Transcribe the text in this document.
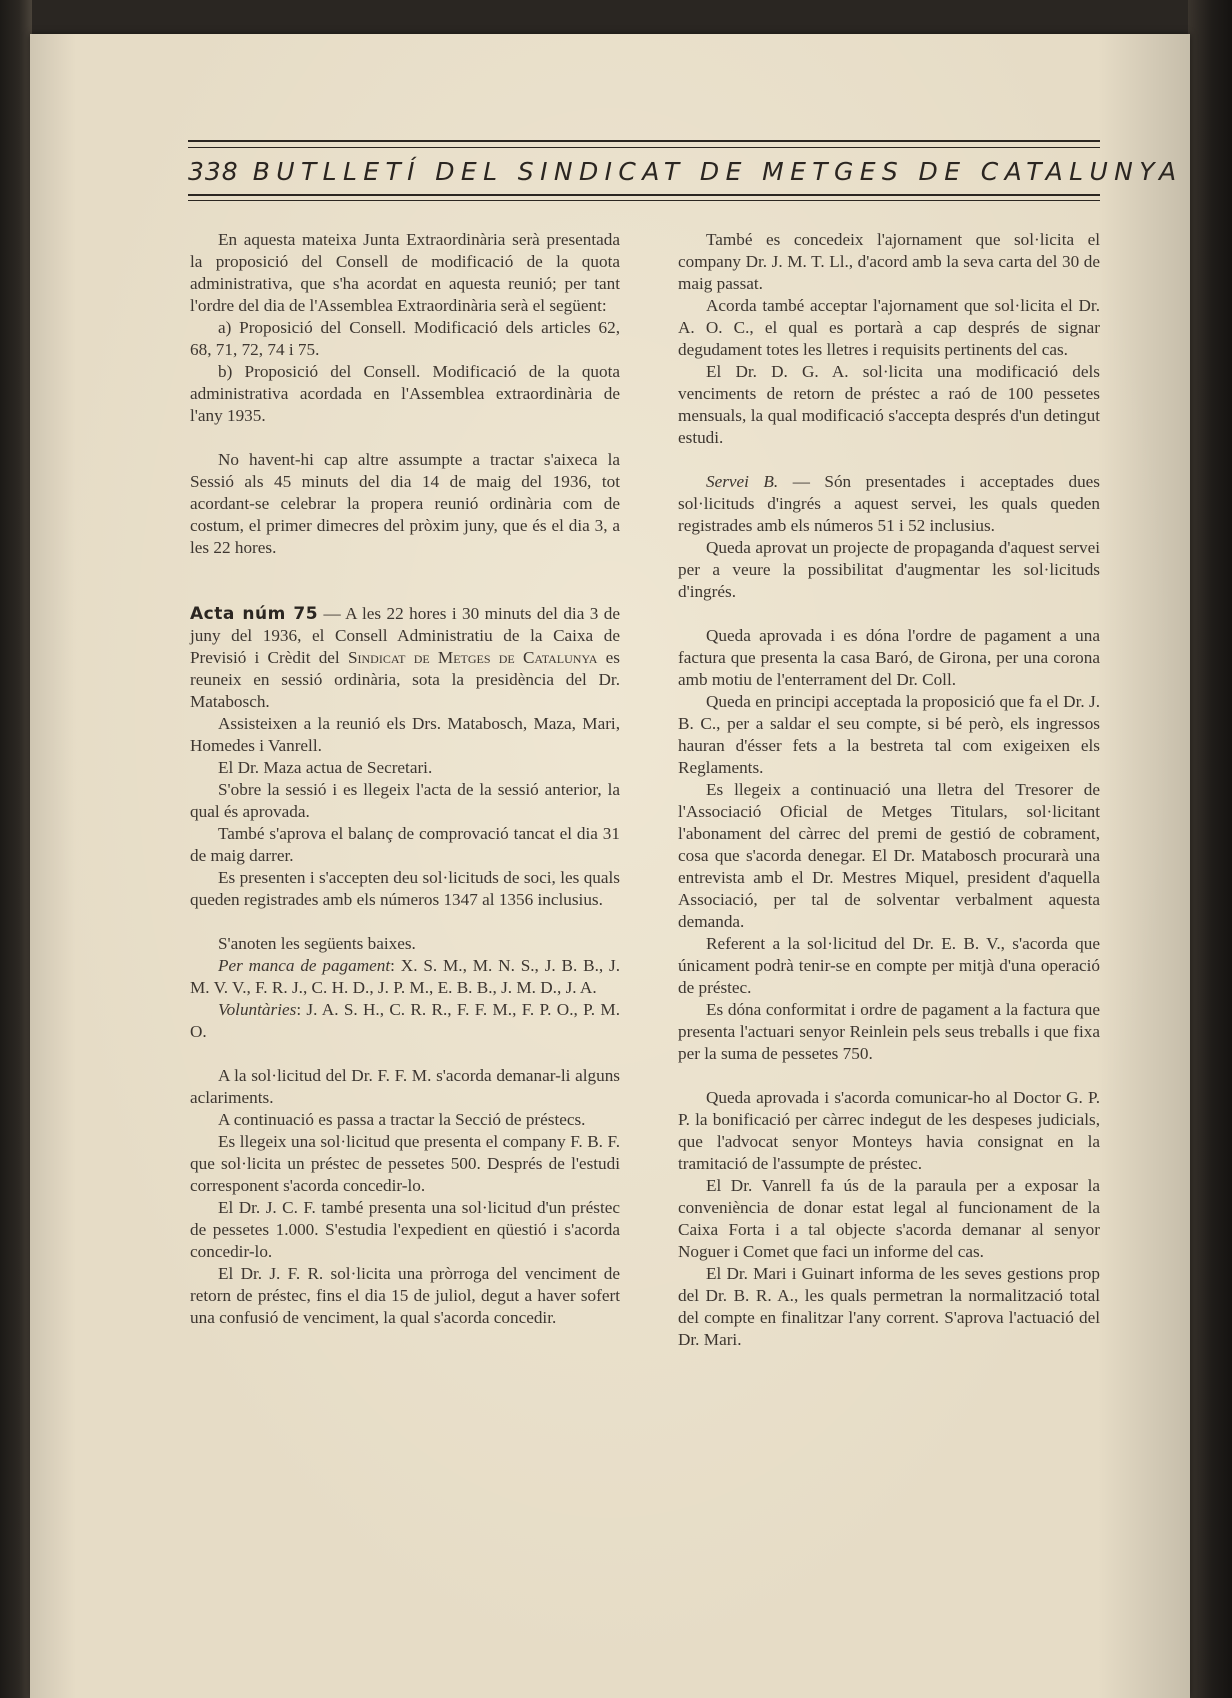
338 BUTLLETÍ DEL SINDICAT DE METGES DE CATALUNYA

En aquesta mateixa Junta Extraordinària serà presentada la proposició del Consell de modificació de la quota administrativa, que s'ha acordat en aquesta reunió; per tant l'ordre del dia de l'Assemblea Extraordinària serà el següent:

a) Proposició del Consell. Modificació dels articles 62, 68, 71, 72, 74 i 75.

b) Proposició del Consell. Modificació de la quota administrativa acordada en l'Assemblea extraordinària de l'any 1935.

No havent-hi cap altre assumpte a tractar s'aixeca la Sessió als 45 minuts del dia 14 de maig del 1936, tot acordant-se celebrar la propera reunió ordinària com de costum, el primer dimecres del pròxim juny, que és el dia 3, a les 22 hores.

Acta núm 75 — A les 22 hores i 30 minuts del dia 3 de juny del 1936, el Consell Administratiu de la Caixa de Previsió i Crèdit del Sindicat de Metges de Catalunya es reuneix en sessió ordinària, sota la presidència del Dr. Matabosch.

Assisteixen a la reunió els Drs. Matabosch, Maza, Mari, Homedes i Vanrell.

El Dr. Maza actua de Secretari.

S'obre la sessió i es llegeix l'acta de la sessió anterior, la qual és aprovada.

També s'aprova el balanç de comprovació tancat el dia 31 de maig darrer.

Es presenten i s'accepten deu sol·licituds de soci, les quals queden registrades amb els números 1347 al 1356 inclusius.

S'anoten les següents baixes.

Per manca de pagament: X. S. M., M. N. S., J. B. B., J. M. V. V., F. R. J., C. H. D., J. P. M., E. B. B., J. M. D., J. A.

Voluntàries: J. A. S. H., C. R. R., F. F. M., F. P. O., P. M. O.

A la sol·licitud del Dr. F. F. M. s'acorda demanar-li alguns aclariments.

A continuació es passa a tractar la Secció de préstecs.

Es llegeix una sol·licitud que presenta el company F. B. F. que sol·licita un préstec de pessetes 500. Després de l'estudi corresponent s'acorda concedir-lo.

El Dr. J. C. F. també presenta una sol·licitud d'un préstec de pessetes 1.000. S'estudia l'expedient en qüestió i s'acorda concedir-lo.

El Dr. J. F. R. sol·licita una pròrroga del venciment de retorn de préstec, fins el dia 15 de juliol, degut a haver sofert una confusió de venciment, la qual s'acorda concedir.

També es concedeix l'ajornament que sol·licita el company Dr. J. M. T. Ll., d'acord amb la seva carta del 30 de maig passat.

Acorda també acceptar l'ajornament que sol·licita el Dr. A. O. C., el qual es portarà a cap després de signar degudament totes les lletres i requisits pertinents del cas.

El Dr. D. G. A. sol·licita una modificació dels venciments de retorn de préstec a raó de 100 pessetes mensuals, la qual modificació s'accepta després d'un detingut estudi.

Servei B. — Són presentades i acceptades dues sol·licituds d'ingrés a aquest servei, les quals queden registrades amb els números 51 i 52 inclusius.

Queda aprovat un projecte de propaganda d'aquest servei per a veure la possibilitat d'augmentar les sol·licituds d'ingrés.

Queda aprovada i es dóna l'ordre de pagament a una factura que presenta la casa Baró, de Girona, per una corona amb motiu de l'enterrament del Dr. Coll.

Queda en principi acceptada la proposició que fa el Dr. J. B. C., per a saldar el seu compte, si bé però, els ingressos hauran d'ésser fets a la bestreta tal com exigeixen els Reglaments.

Es llegeix a continuació una lletra del Tresorer de l'Associació Oficial de Metges Titulars, sol·licitant l'abonament del càrrec del premi de gestió de cobrament, cosa que s'acorda denegar. El Dr. Matabosch procurarà una entrevista amb el Dr. Mestres Miquel, president d'aquella Associació, per tal de solventar verbalment aquesta demanda.

Referent a la sol·licitud del Dr. E. B. V., s'acorda que únicament podrà tenir-se en compte per mitjà d'una operació de préstec.

Es dóna conformitat i ordre de pagament a la factura que presenta l'actuari senyor Reinlein pels seus treballs i que fixa per la suma de pessetes 750.

Queda aprovada i s'acorda comunicar-ho al Doctor G. P. P. la bonificació per càrrec indegut de les despeses judicials, que l'advocat senyor Monteys havia consignat en la tramitació de l'assumpte de préstec.

El Dr. Vanrell fa ús de la paraula per a exposar la conveniència de donar estat legal al funcionament de la Caixa Forta i a tal objecte s'acorda demanar al senyor Noguer i Comet que faci un informe del cas.

El Dr. Mari i Guinart informa de les seves gestions prop del Dr. B. R. A., les quals permetran la normalització total del compte en finalitzar l'any corrent. S'aprova l'actuació del Dr. Mari.
